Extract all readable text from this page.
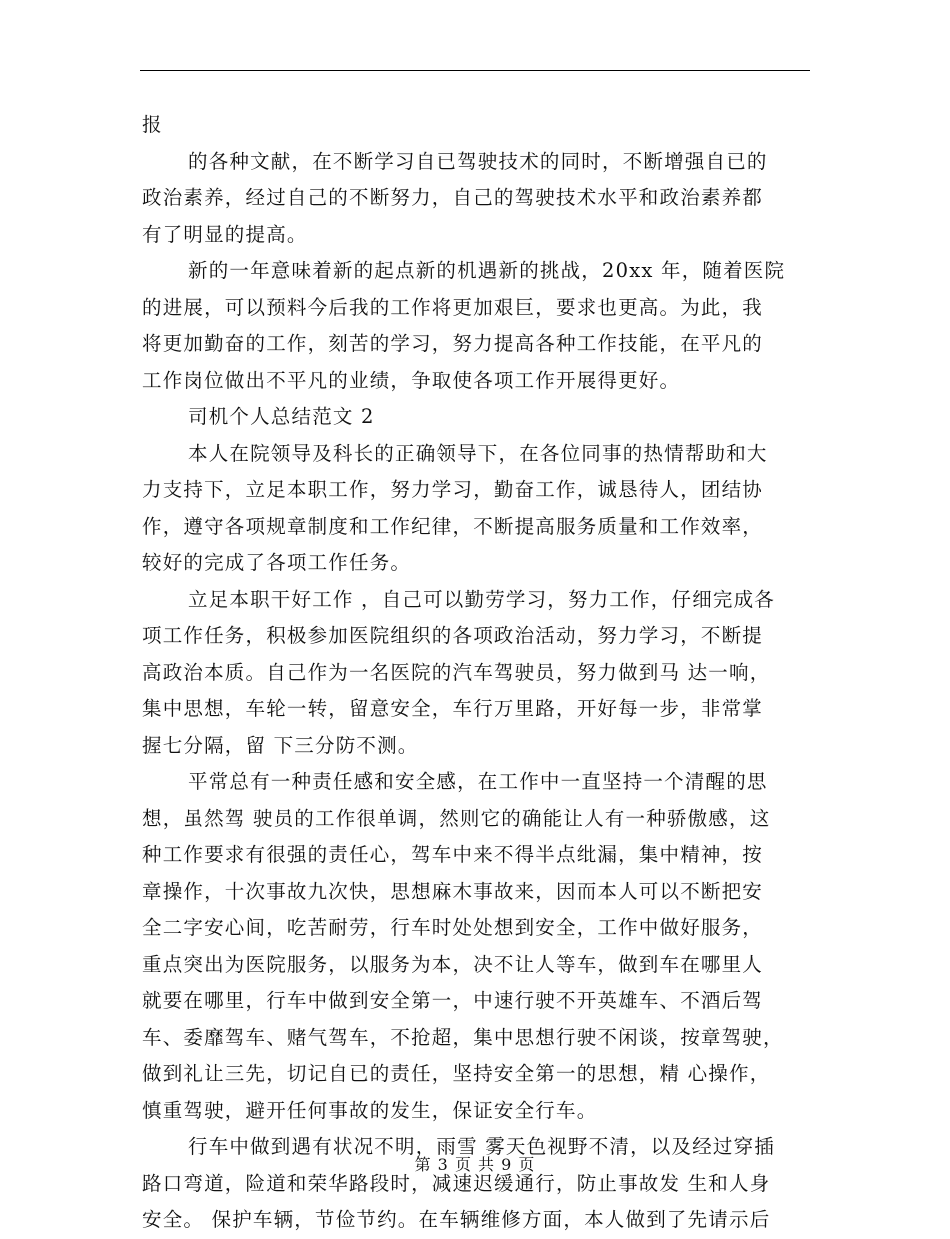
报
的各种文献，在不断学习自已驾驶技术的同时，不断增强自已的
政治素养，经过自己的不断努力，自己的驾驶技术水平和政治素养都
有了明显的提高。
新的一年意味着新的起点新的机遇新的挑战，20xx 年，随着医院
的进展，可以预料今后我的工作将更加艰巨，要求也更高。为此，我
将更加勤奋的工作，刻苦的学习，努力提高各种工作技能，在平凡的
工作岗位做出不平凡的业绩，争取使各项工作开展得更好。
司机个人总结范文 2
本人在院领导及科长的正确领导下，在各位同事的热情帮助和大
力支持下，立足本职工作，努力学习，勤奋工作，诚恳待人，团结协
作，遵守各项规章制度和工作纪律，不断提高服务质量和工作效率，
较好的完成了各项工作任务。
立足本职干好工作 ，自己可以勤劳学习，努力工作，仔细完成各
项工作任务，积极参加医院组织的各项政治活动，努力学习，不断提
高政治本质。自己作为一名医院的汽车驾驶员，努力做到马 达一响，
集中思想，车轮一转，留意安全，车行万里路，开好每一步，非常掌
握七分隔，留 下三分防不测。
平常总有一种责任感和安全感，在工作中一直坚持一个清醒的思
想，虽然驾 驶员的工作很单调，然则它的确能让人有一种骄傲感，这
种工作要求有很强的责任心，驾车中来不得半点纰漏，集中精神，按
章操作，十次事故九次快，思想麻木事故来，因而本人可以不断把安
全二字安心间，吃苦耐劳，行车时处处想到安全，工作中做好服务，
重点突出为医院服务，以服务为本，决不让人等车，做到车在哪里人
就要在哪里，行车中做到安全第一，中速行驶不开英雄车、不酒后驾
车、委靡驾车、赌气驾车，不抢超，集中思想行驶不闲谈，按章驾驶，
做到礼让三先，切记自已的责任，坚持安全第一的思想，精 心操作，
慎重驾驶，避开任何事故的发生，保证安全行车。
行车中做到遇有状况不明，雨雪 雾天色视野不清，以及经过穿插
路口弯道，险道和荣华路段时，减速迟缓通行，防止事故发 生和人身
安全。 保护车辆，节俭节约。在车辆维修方面，本人做到了先请示后
第 3 页 共 9 页
